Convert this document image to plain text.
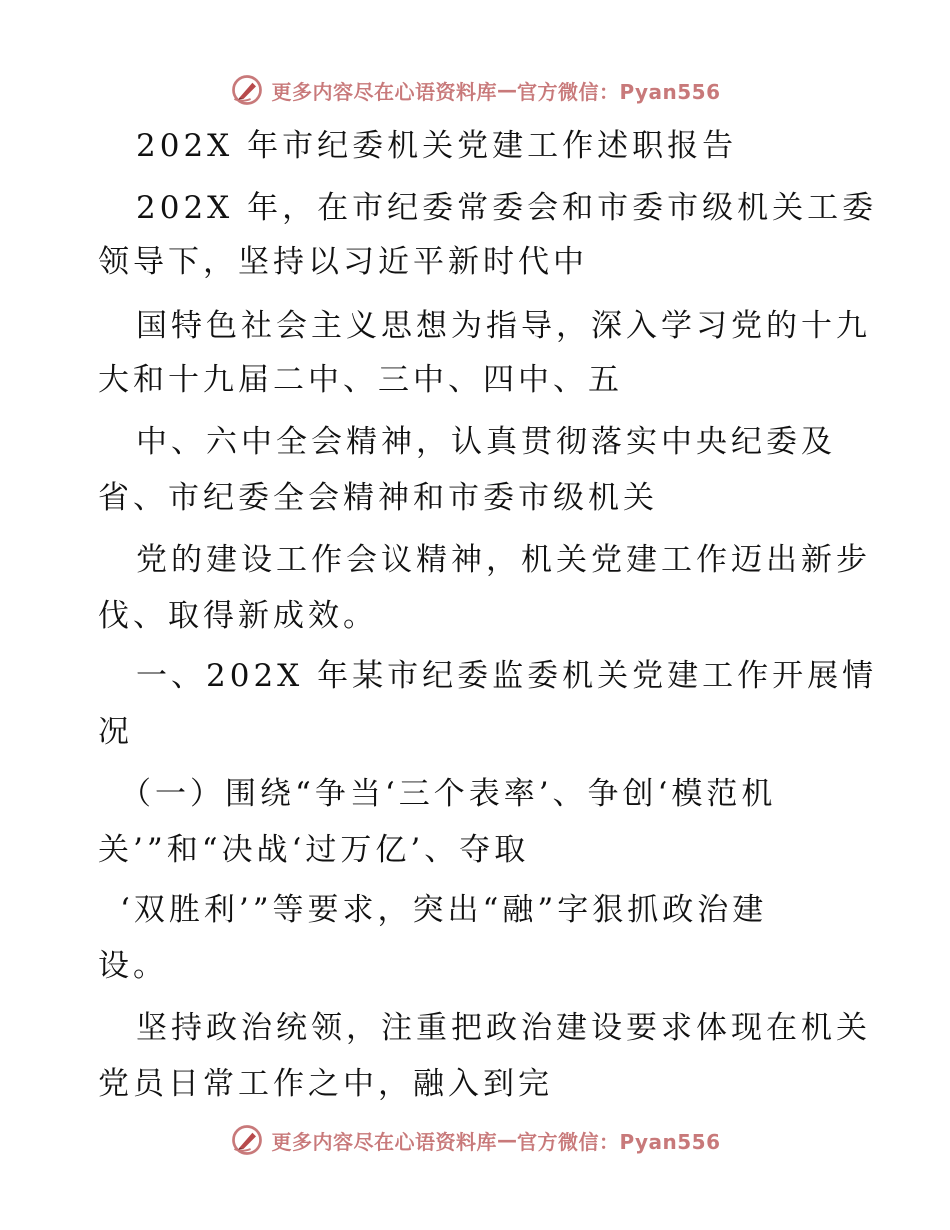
更多内容尽在心语资料库 — 官方微信：Pyan556
202X 年市纪委机关党建工作述职报告
202X 年，在市纪委常委会和市委市级机关工委
领导下，坚持以习近平新时代中
国特色社会主义思想为指导，深入学习党的十九
大和十九届二中、三中、四中、五
中、六中全会精神，认真贯彻落实中央纪委及
省、市纪委全会精神和市委市级机关
党的建设工作会议精神，机关党建工作迈出新步
伐、取得新成效。
一、202X 年某市纪委监委机关党建工作开展情
况
（一）围绕“争当‘三个表率’、争创‘模范机
关’”和“决战‘过万亿’、夺取
‘双胜利’”等要求，突出“融”字狠抓政治建
设。
坚持政治统领，注重把政治建设要求体现在机关
党员日常工作之中，融入到完
更多内容尽在心语资料库 — 官方微信：Pyan556
